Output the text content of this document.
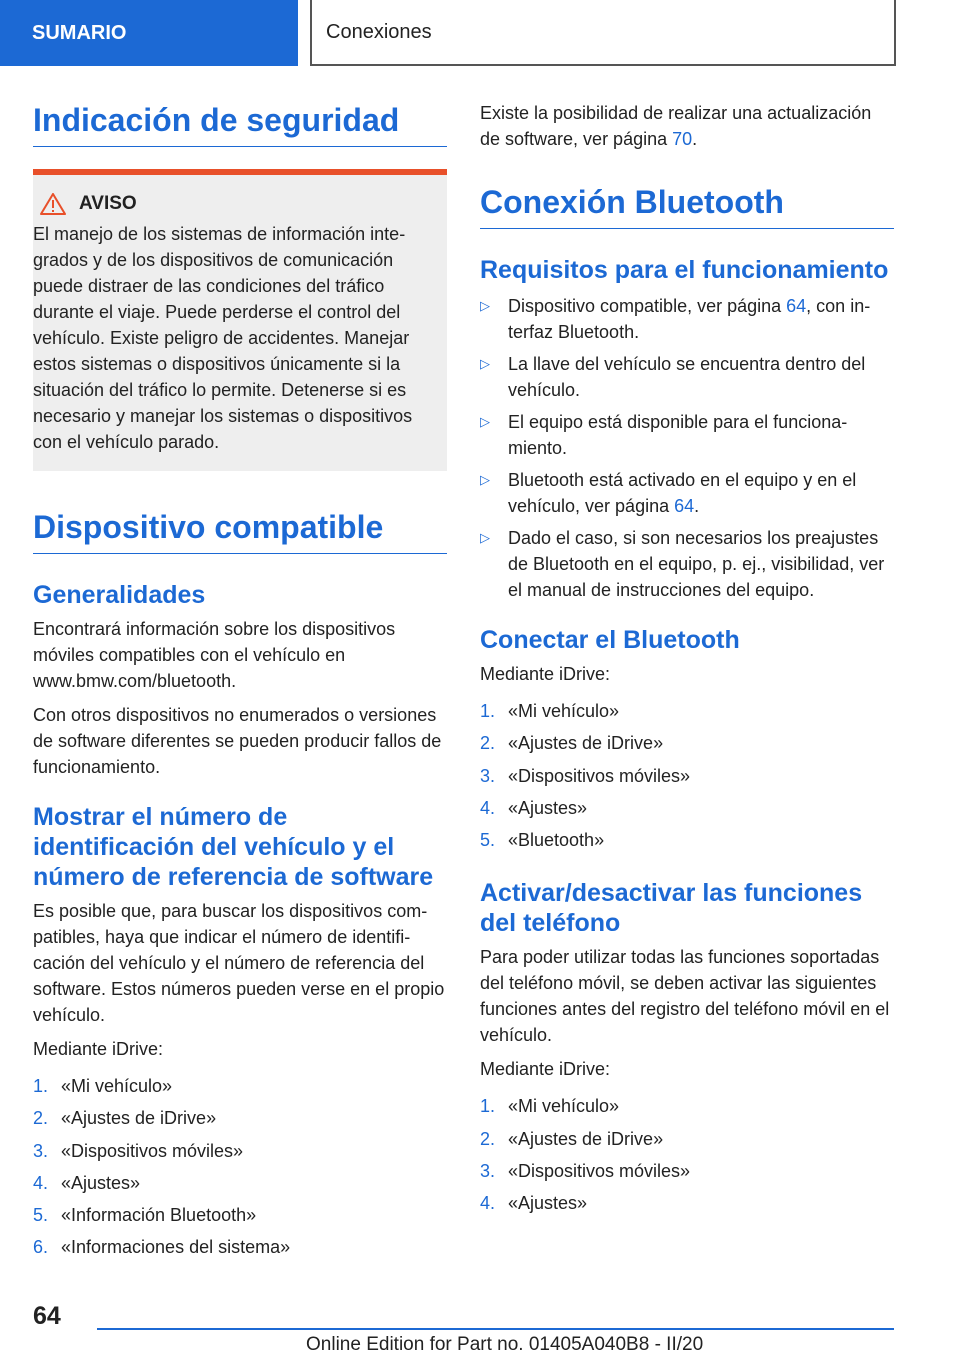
SUMARIO	Conexiones
Indicación de seguridad
AVISO

El manejo de los sistemas de información integrados y de los dispositivos de comunicación puede distraer de las condiciones del tráfico durante el viaje. Puede perderse el control del vehículo. Existe peligro de accidentes. Manejar estos sistemas o dispositivos únicamente si la situación del tráfico lo permite. Detenerse si es necesario y manejar los sistemas o dispositivos con el vehículo parado.

Dispositivo compatible
Generalidades

Encontrará información sobre los dispositivos móviles compatibles con el vehículo en www.bmw.com/bluetooth.

Con otros dispositivos no enumerados o versiones de software diferentes se pueden producir fallos de funcionamiento.

Mostrar el número de identificación del vehículo y el número de referencia de software

Es posible que, para buscar los dispositivos compatibles, haya que indicar el número de identificación del vehículo y el número de referencia del software. Estos números pueden verse en el propio vehículo.

Mediante iDrive:

1. «Mi vehículo»
2. «Ajustes de iDrive»
3. «Dispositivos móviles»
4. «Ajustes»
5. «Información Bluetooth»
6. «Informaciones del sistema»

Existe la posibilidad de realizar una actualización de software, ver página 70.

Conexión Bluetooth
Requisitos para el funcionamiento
▷	Dispositivo compatible, ver página 64, con interfaz Bluetooth.
▷	La llave del vehículo se encuentra dentro del vehículo.
▷	El equipo está disponible para el funcionamiento.
▷	Bluetooth está activado en el equipo y en el vehículo, ver página 64.
▷	Dado el caso, si son necesarios los preajustes de Bluetooth en el equipo, p. ej., visibilidad, ver el manual de instrucciones del equipo.
Conectar el Bluetooth

Mediante iDrive:

1. «Mi vehículo»
2. «Ajustes de iDrive»
3. «Dispositivos móviles»
4. «Ajustes»
5. «Bluetooth»
Activar/desactivar las funciones del teléfono

Para poder utilizar todas las funciones soportadas del teléfono móvil, se deben activar las siguientes funciones antes del registro del teléfono móvil en el vehículo.

Mediante iDrive:

1. «Mi vehículo»
2. «Ajustes de iDrive»
3. «Dispositivos móviles»
4. «Ajustes»
64
Online Edition for Part no. 01405A040B8 - II/20
